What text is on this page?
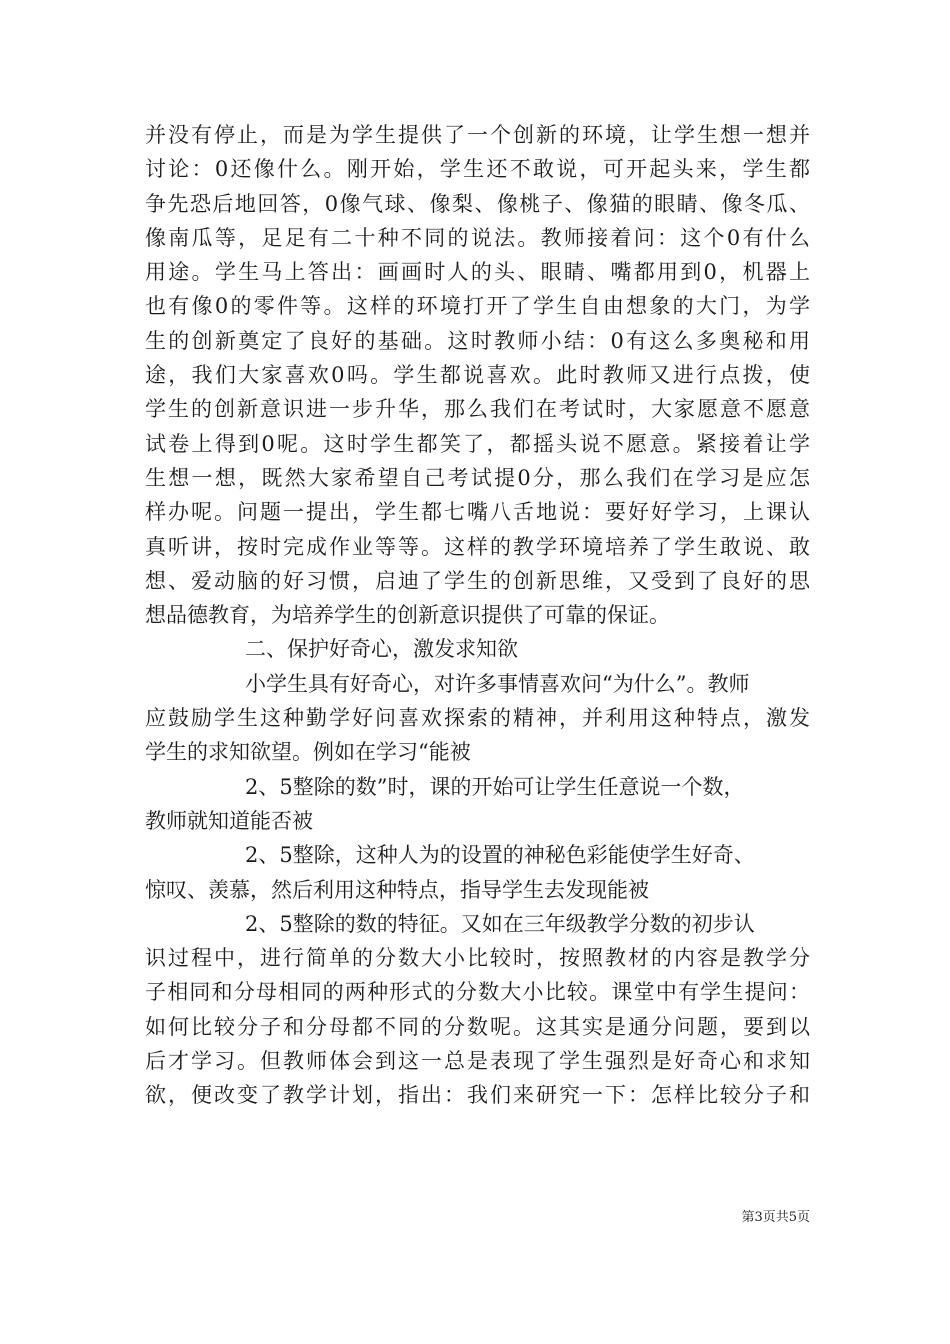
并没有停止，而是为学生提供了一个创新的环境，让学生想一想并
讨论：0还像什么。刚开始，学生还不敢说，可开起头来，学生都
争先恐后地回答，0像气球、像梨、像桃子、像猫的眼睛、像冬瓜、
像南瓜等，足足有二十种不同的说法。教师接着问：这个0有什么
用途。学生马上答出：画画时人的头、眼睛、嘴都用到0，机器上
也有像0的零件等。这样的环境打开了学生自由想象的大门，为学
生的创新奠定了良好的基础。这时教师小结：0有这么多奥秘和用
途，我们大家喜欢0吗。学生都说喜欢。此时教师又进行点拨，使
学生的创新意识进一步升华，那么我们在考试时，大家愿意不愿意
试卷上得到0呢。这时学生都笑了，都摇头说不愿意。紧接着让学
生想一想，既然大家希望自己考试提0分，那么我们在学习是应怎
样办呢。问题一提出，学生都七嘴八舌地说：要好好学习，上课认
真听讲，按时完成作业等等。这样的教学环境培养了学生敢说、敢
想、爱动脑的好习惯，启迪了学生的创新思维，又受到了良好的思
想品德教育，为培养学生的创新意识提供了可靠的保证。
二、保护好奇心，激发求知欲
小学生具有好奇心，对许多事情喜欢问“为什么”。教师
应鼓励学生这种勤学好问喜欢探索的精神，并利用这种特点，激发
学生的求知欲望。例如在学习“能被
2、5整除的数”时，课的开始可让学生任意说一个数，
教师就知道能否被
2、5整除，这种人为的设置的神秘色彩能使学生好奇、
惊叹、羡慕，然后利用这种特点，指导学生去发现能被
2、5整除的数的特征。又如在三年级教学分数的初步认
识过程中，进行简单的分数大小比较时，按照教材的内容是教学分
子相同和分母相同的两种形式的分数大小比较。课堂中有学生提问：
如何比较分子和分母都不同的分数呢。这其实是通分问题，要到以
后才学习。但教师体会到这一总是表现了学生强烈是好奇心和求知
欲，便改变了教学计划，指出：我们来研究一下：怎样比较分子和
第3页共5页
